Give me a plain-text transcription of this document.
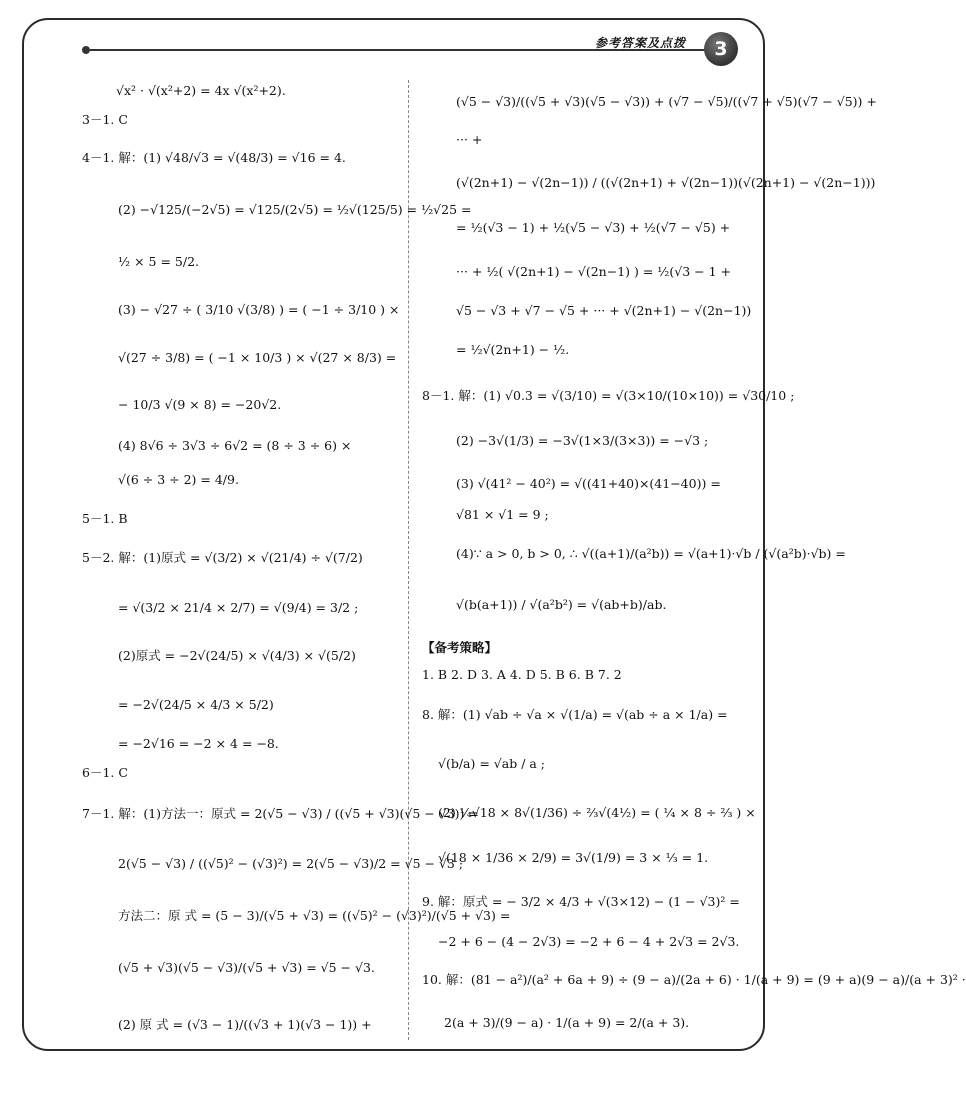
参考答案及点拨	3
√x² · √(x²+2) = 4x √(x²+2).
3－1. C
4－1. 解：(1) √48/√3 = √(48/3) = √16 = 4.
(2) −√125/(−2√5) = √125/(2√5) = ½√(125/5) = ½√25 =
½ × 5 = 5/2.
(3) − √27 ÷ ( 3/10 √(3/8) ) = ( −1 ÷ 3/10 ) ×
√(27 ÷ 3/8) = ( −1 × 10/3 ) × √(27 × 8/3) =
− 10/3 √(9 × 8) = −20√2.
(4) 8√6 ÷ 3√3 ÷ 6√2 = (8 ÷ 3 ÷ 6) ×
√(6 ÷ 3 ÷ 2) = 4/9.
5－1. B
5－2. 解：(1)原式 = √(3/2) × √(21/4) ÷ √(7/2)
= √(3/2 × 21/4 × 2/7) = √(9/4) = 3/2 ;
(2)原式 = −2√(24/5) × √(4/3) × √(5/2)
= −2√(24/5 × 4/3 × 5/2)
= −2√16 = −2 × 4 = −8.
6－1. C
7－1. 解：(1)方法一：原式 = 2(√5 − √3) / ((√5 + √3)(√5 − √3)) =
2(√5 − √3) / ((√5)² − (√3)²) = 2(√5 − √3)/2 = √5 − √3 ;
方法二：原 式 = (5 − 3)/(√5 + √3) = ((√5)² − (√3)²)/(√5 + √3) =
(√5 + √3)(√5 − √3)/(√5 + √3) = √5 − √3.
(2) 原 式 = (√3 − 1)/((√3 + 1)(√3 − 1)) +
(√5 − √3)/((√5 + √3)(√5 − √3)) + (√7 − √5)/((√7 + √5)(√7 − √5)) +
··· +
(√(2n+1) − √(2n−1)) / ((√(2n+1) + √(2n−1))(√(2n+1) − √(2n−1)))
= ½(√3 − 1) + ½(√5 − √3) + ½(√7 − √5) +
··· + ½( √(2n+1) − √(2n−1) ) = ½(√3 − 1 +
√5 − √3 + √7 − √5 + ··· + √(2n+1) − √(2n−1))
= ½√(2n+1) − ½.
8－1. 解：(1) √0.3 = √(3/10) = √(3×10/(10×10)) = √30/10 ;
(2) −3√(1/3) = −3√(1×3/(3×3)) = −√3 ;
(3) √(41² − 40²) = √((41+40)×(41−40)) =
√81 × √1 = 9 ;
(4)∵ a > 0, b > 0, ∴ √((a+1)/(a²b)) = √(a+1)·√b / (√(a²b)·√b) =
√(b(a+1)) / √(a²b²) = √(ab+b)/ab.
【备考策略】
1. B 2. D 3. A 4. D 5. B 6. B 7. 2
8. 解：(1) √ab ÷ √a × √(1/a) = √(ab ÷ a × 1/a) =
√(b/a) = √ab / a ;
(2) ¼√18 × 8√(1/36) ÷ ⅔√(4½) = ( ¼ × 8 ÷ ⅔ ) ×
√(18 × 1/36 × 2/9) = 3√(1/9) = 3 × ⅓ = 1.
9. 解：原式 = − 3/2 × 4/3 + √(3×12) − (1 − √3)² =
−2 + 6 − (4 − 2√3) = −2 + 6 − 4 + 2√3 = 2√3.
10. 解：(81 − a²)/(a² + 6a + 9) ÷ (9 − a)/(2a + 6) · 1/(a + 9) = (9 + a)(9 − a)/(a + 3)² ·
2(a + 3)/(9 − a) · 1/(a + 9) = 2/(a + 3).
